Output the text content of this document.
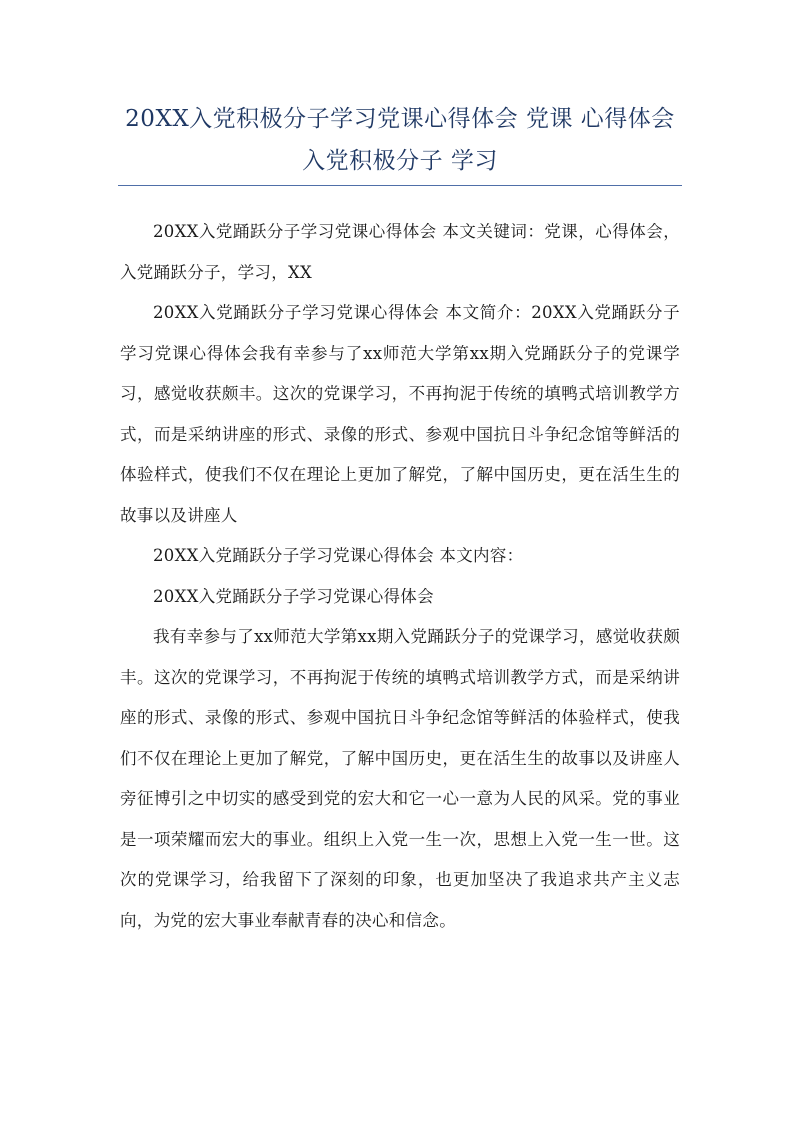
20XX入党积极分子学习党课心得体会 党课 心得体会 入党积极分子 学习

20XX入党踊跃分子学习党课心得体会 本文关键词：党课，心得体会，入党踊跃分子，学习，XX

20XX入党踊跃分子学习党课心得体会 本文简介：20XX入党踊跃分子学习党课心得体会我有幸参与了xx师范大学第xx期入党踊跃分子的党课学习，感觉收获颇丰。这次的党课学习，不再拘泥于传统的填鸭式培训教学方式，而是采纳讲座的形式、录像的形式、参观中国抗日斗争纪念馆等鲜活的体验样式，使我们不仅在理论上更加了解党，了解中国历史，更在活生生的故事以及讲座人

20XX入党踊跃分子学习党课心得体会 本文内容：

20XX入党踊跃分子学习党课心得体会

我有幸参与了xx师范大学第xx期入党踊跃分子的党课学习，感觉收获颇丰。这次的党课学习，不再拘泥于传统的填鸭式培训教学方式，而是采纳讲座的形式、录像的形式、参观中国抗日斗争纪念馆等鲜活的体验样式，使我们不仅在理论上更加了解党，了解中国历史，更在活生生的故事以及讲座人旁征博引之中切实的感受到党的宏大和它一心一意为人民的风采。党的事业是一项荣耀而宏大的事业。组织上入党一生一次，思想上入党一生一世。这次的党课学习，给我留下了深刻的印象，也更加坚决了我追求共产主义志向，为党的宏大事业奉献青春的决心和信念。
